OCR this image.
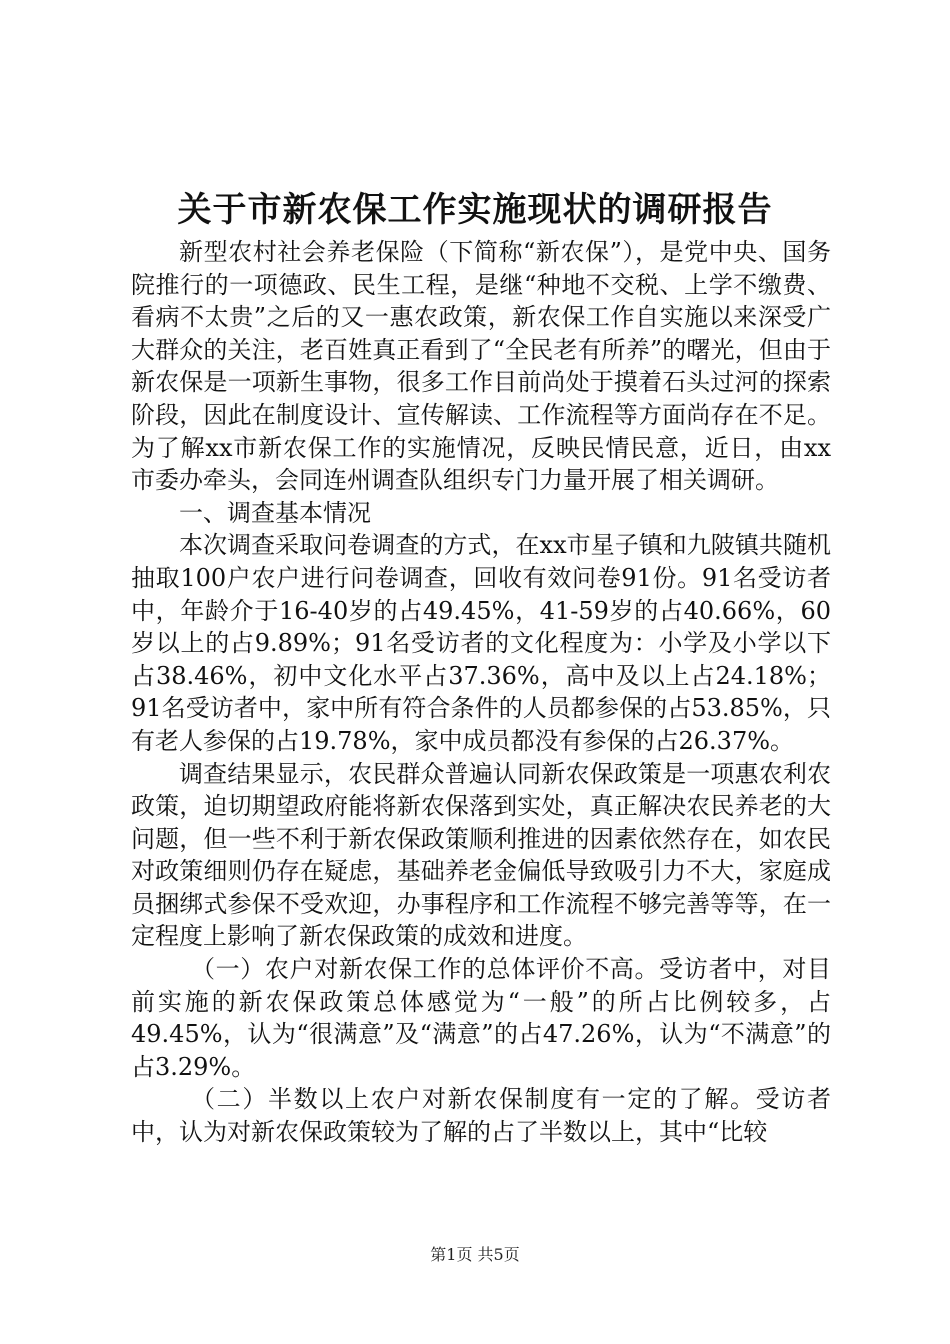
关于市新农保工作实施现状的调研报告

新型农村社会养老保险（下简称“新农保”），是党中央、国务院推行的一项德政、民生工程，是继“种地不交税、上学不缴费、看病不太贵”之后的又一惠农政策，新农保工作自实施以来深受广大群众的关注，老百姓真正看到了“全民老有所养”的曙光，但由于新农保是一项新生事物，很多工作目前尚处于摸着石头过河的探索阶段，因此在制度设计、宣传解读、工作流程等方面尚存在不足。为了解xx市新农保工作的实施情况，反映民情民意，近日，由xx市委办牵头，会同连州调查队组织专门力量开展了相关调研。

一、调查基本情况

本次调查采取问卷调查的方式，在xx市星子镇和九陂镇共随机抽取100户农户进行问卷调查，回收有效问卷91份。91名受访者中，年龄介于16-40岁的占49.45%，41-59岁的占40.66%，60岁以上的占9.89%；91名受访者的文化程度为：小学及小学以下占38.46%，初中文化水平占37.36%，高中及以上占24.18%；91名受访者中，家中所有符合条件的人员都参保的占53.85%，只有老人参保的占19.78%，家中成员都没有参保的占26.37%。

调查结果显示，农民群众普遍认同新农保政策是一项惠农利农政策，迫切期望政府能将新农保落到实处，真正解决农民养老的大问题，但一些不利于新农保政策顺利推进的因素依然存在，如农民对政策细则仍存在疑虑，基础养老金偏低导致吸引力不大，家庭成员捆绑式参保不受欢迎，办事程序和工作流程不够完善等等，在一定程度上影响了新农保政策的成效和进度。

（一）农户对新农保工作的总体评价不高。受访者中，对目前实施的新农保政策总体感觉为“一般”的所占比例较多，占49.45%，认为“很满意”及“满意”的占47.26%，认为“不满意”的占3.29%。

（二）半数以上农户对新农保制度有一定的了解。受访者中，认为对新农保政策较为了解的占了半数以上，其中“比较

第1页 共5页
